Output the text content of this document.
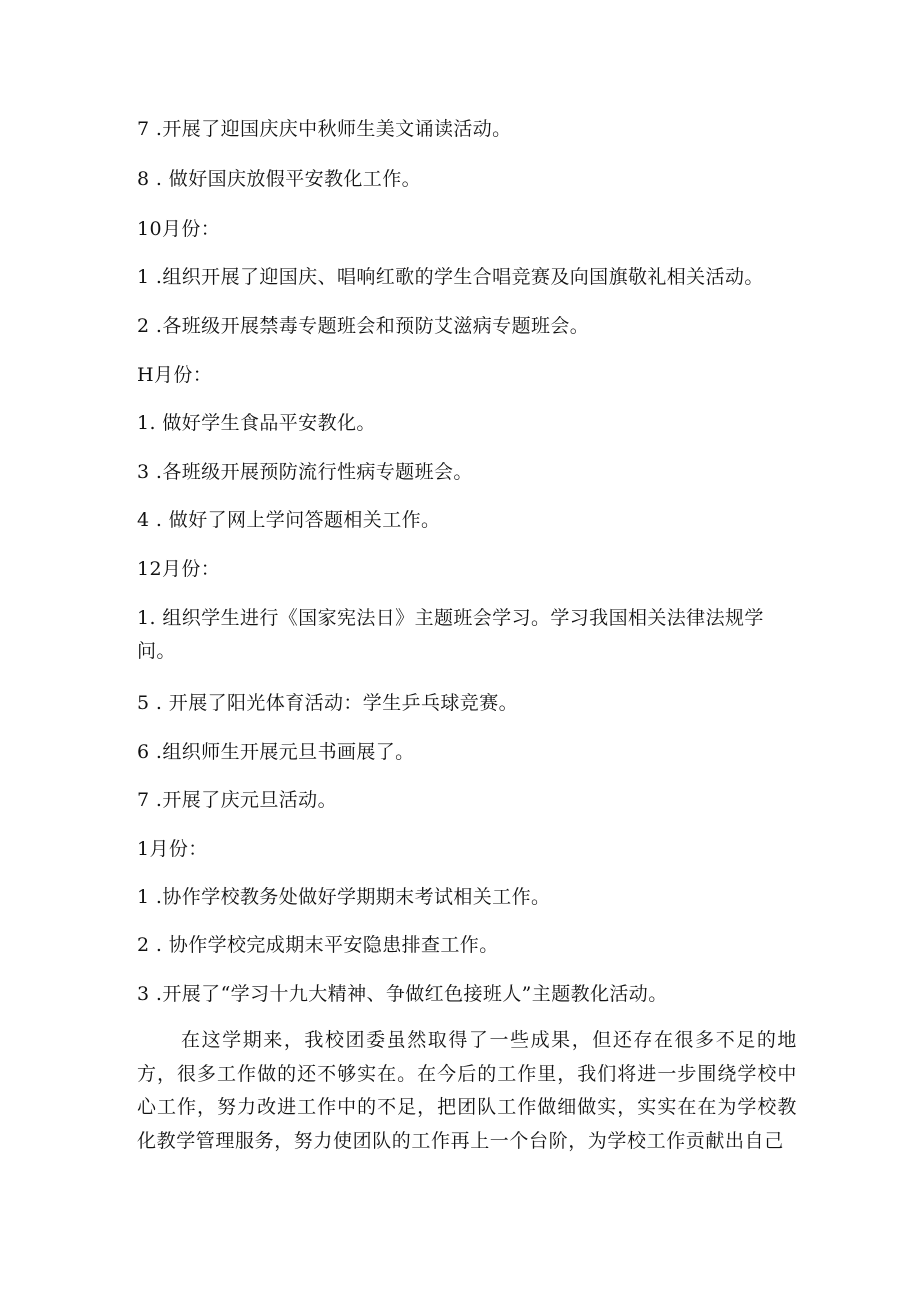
7 .开展了迎国庆庆中秋师生美文诵读活动。
8 . 做好国庆放假平安教化工作。
10月份：
1 .组织开展了迎国庆、唱响红歌的学生合唱竞赛及向国旗敬礼相关活动。
2 .各班级开展禁毒专题班会和预防艾滋病专题班会。
H月份：
1. 做好学生食品平安教化。
3 .各班级开展预防流行性病专题班会。
4 . 做好了网上学问答题相关工作。
12月份：
1. 组织学生进行《国家宪法日》主题班会学习。学习我国相关法律法规学问。
5 . 开展了阳光体育活动：学生乒乓球竞赛。
6 .组织师生开展元旦书画展了。
7 .开展了庆元旦活动。
1月份：
1 .协作学校教务处做好学期期末考试相关工作。
2 . 协作学校完成期末平安隐患排查工作。
3 .开展了“学习十九大精神、争做红色接班人”主题教化活动。
在这学期来，我校团委虽然取得了一些成果，但还存在很多不足的地方，很多工作做的还不够实在。在今后的工作里，我们将进一步围绕学校中心工作，努力改进工作中的不足，把团队工作做细做实，实实在在为学校教化教学管理服务，努力使团队的工作再上一个台阶，为学校工作贡献出自己
